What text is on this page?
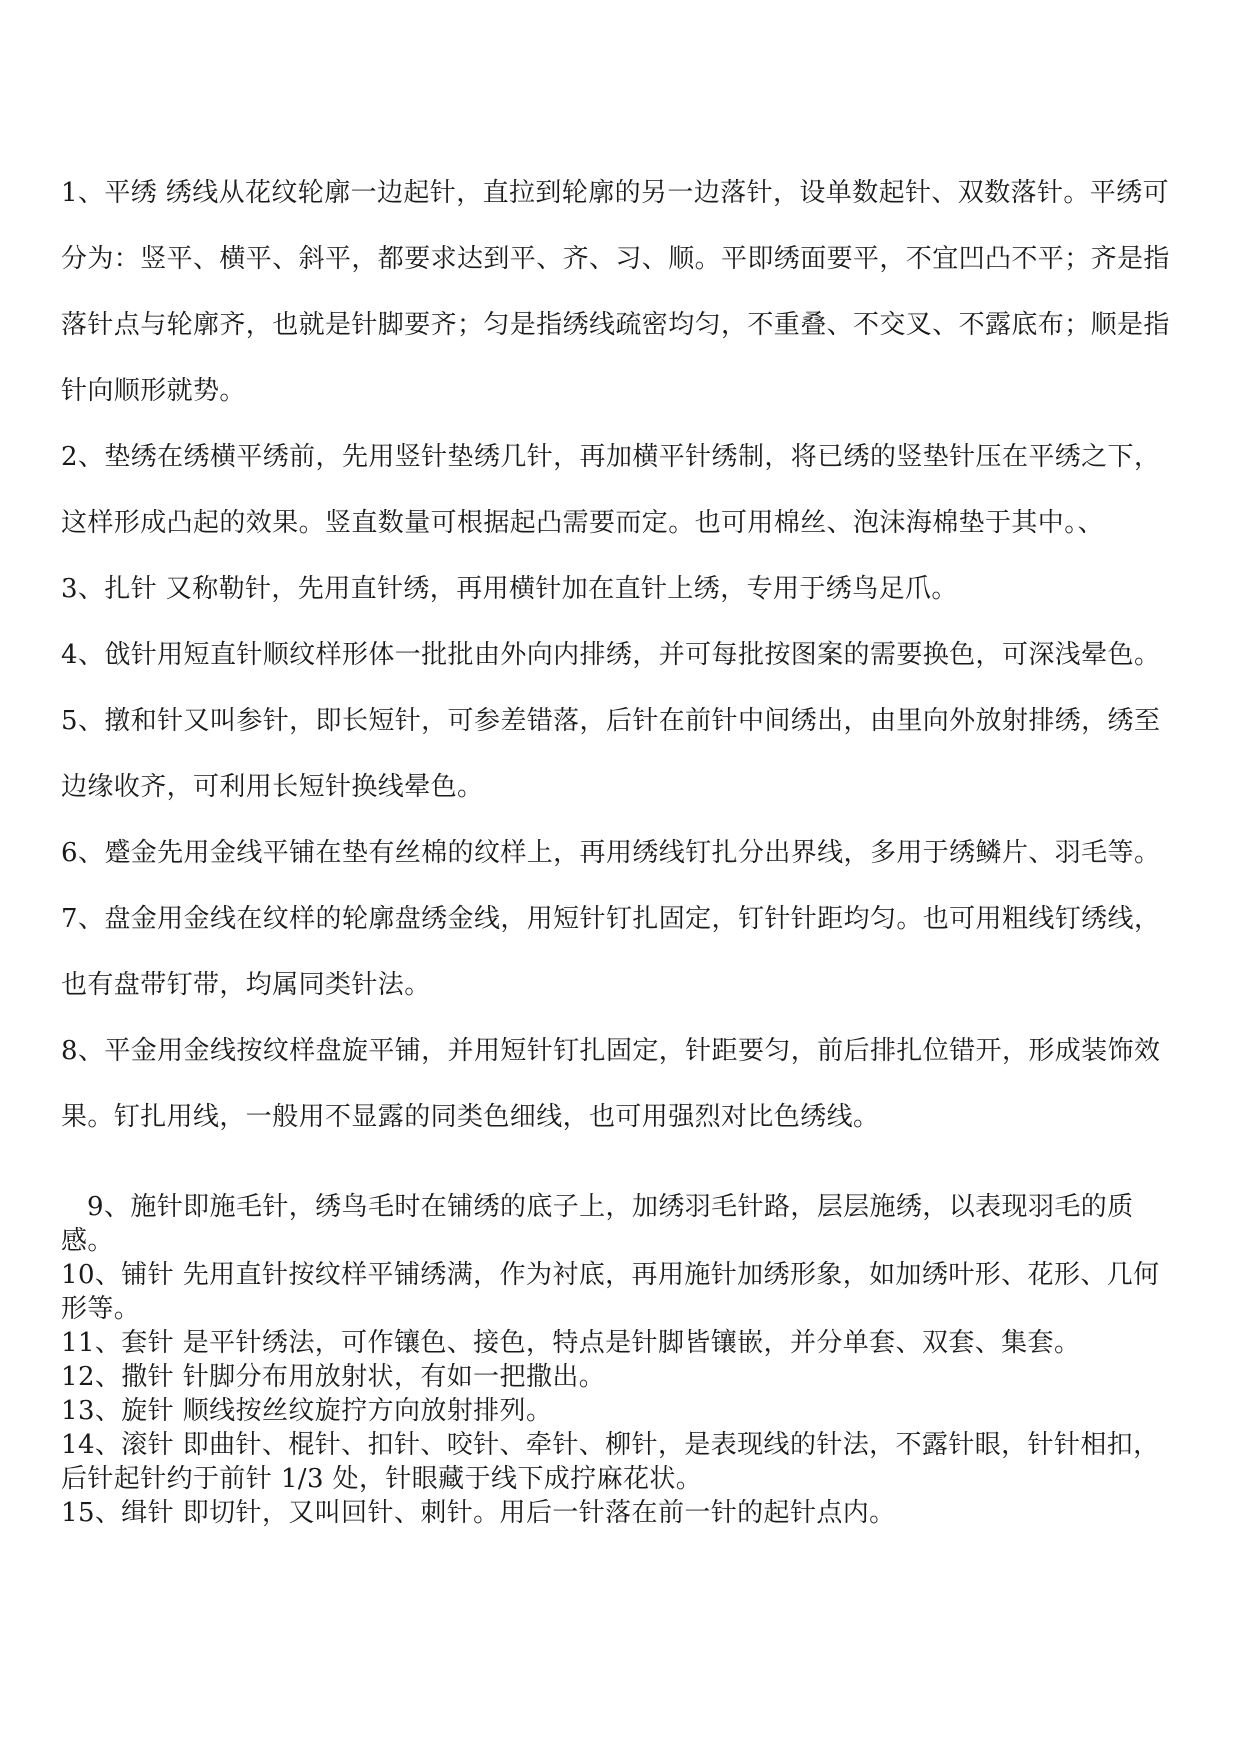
1、平绣 绣线从花纹轮廓一边起针，直拉到轮廓的另一边落针，设单数起针、双数落针。平绣可分为：竖平、横平、斜平，都要求达到平、齐、习、顺。平即绣面要平，不宜凹凸不平；齐是指落针点与轮廓齐，也就是针脚要齐；匀是指绣线疏密均匀，不重叠、不交叉、不露底布；顺是指针向顺形就势。

2、垫绣在绣横平绣前，先用竖针垫绣几针，再加横平针绣制，将已绣的竖垫针压在平绣之下，这样形成凸起的效果。竖直数量可根据起凸需要而定。也可用棉丝、泡沫海棉垫于其中。、

3、扎针 又称勒针，先用直针绣，再用横针加在直针上绣，专用于绣鸟足爪。

4、戗针用短直针顺纹样形体一批批由外向内排绣，并可每批按图案的需要换色，可深浅晕色。

5、撴和针又叫参针，即长短针，可参差错落，后针在前针中间绣出，由里向外放射排绣，绣至边缘收齐，可利用长短针换线晕色。

6、蹙金先用金线平铺在垫有丝棉的纹样上，再用绣线钉扎分出界线，多用于绣鳞片、羽毛等。

7、盘金用金线在纹样的轮廓盘绣金线，用短针钉扎固定，钉针针距均匀。也可用粗线钉绣线，也有盘带钉带，均属同类针法。

8、平金用金线按纹样盘旋平铺，并用短针钉扎固定，针距要匀，前后排扎位错开，形成装饰效果。钉扎用线，一般用不显露的同类色细线，也可用强烈对比色绣线。

9、施针即施毛针，绣鸟毛时在铺绣的底子上，加绣羽毛针路，层层施绣，以表现羽毛的质感。

10、铺针 先用直针按纹样平铺绣满，作为衬底，再用施针加绣形象，如加绣叶形、花形、几何形等。

11、套针 是平针绣法，可作镶色、接色，特点是针脚皆镶嵌，并分单套、双套、集套。

12、撒针 针脚分布用放射状，有如一把撒出。

13、旋针 顺线按丝纹旋拧方向放射排列。

14、滚针 即曲针、棍针、扣针、咬针、牵针、柳针，是表现线的针法，不露针眼，针针相扣，后针起针约于前针 1/3 处，针眼藏于线下成拧麻花状。

15、缉针 即切针，又叫回针、刺针。用后一针落在前一针的起针点内。
